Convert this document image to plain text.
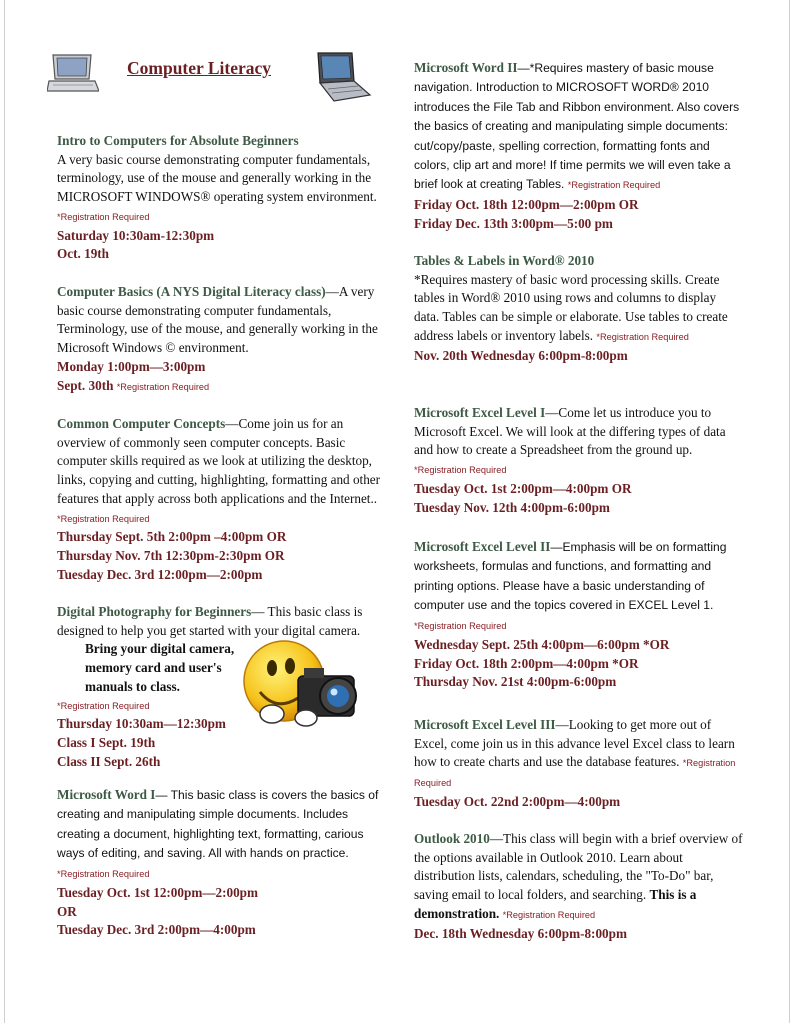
Computer Literacy
Intro to Computers for Absolute Beginners
A very basic course demonstrating computer fundamentals, terminology, use of the mouse and generally working in the MICROSOFT WINDOWS® operating system environment. *Registration Required
Saturday 10:30am-12:30pm
Oct. 19th
Computer Basics (A NYS Digital Literacy class)—A very basic course demonstrating computer fundamentals, Terminology, use of the mouse, and generally working in the Microsoft Windows © environment.
Monday 1:00pm—3:00pm
Sept. 30th *Registration Required
Common Computer Concepts—Come join us for an overview of commonly seen computer concepts. Basic computer skills required as we look at utilizing the desktop, links, copying and cutting, highlighting, formatting and other features that apply across both applications and the Internet.. *Registration Required
Thursday Sept. 5th 2:00pm –4:00pm OR
Thursday Nov. 7th 12:30pm-2:30pm OR
Tuesday Dec. 3rd 12:00pm—2:00pm
Digital Photography for Beginners— This basic class is designed to help you get started with your digital camera.
Bring your digital camera, memory card and user's manuals to class.
*Registration Required
Thursday 10:30am—12:30pm
Class I Sept. 19th
Class II Sept. 26th
Microsoft Word I— This basic class is covers the basics of creating and manipulating simple documents. Includes creating a document, highlighting text, formatting, carious ways of editing, and saving. All with hands on practice. *Registration Required
Tuesday Oct. 1st 12:00pm—2:00pm
OR
Tuesday Dec. 3rd 2:00pm—4:00pm
Microsoft Word II—*Requires mastery of basic mouse navigation. Introduction to MICROSOFT WORD® 2010 introduces the File Tab and Ribbon environment. Also covers the basics of creating and manipulating simple documents: cut/copy/paste, spelling correction, formatting fonts and colors, clip art and more! If time permits we will even take a brief look at creating Tables. *Registration Required
Friday Oct. 18th 12:00pm—2:00pm OR
Friday Dec. 13th 3:00pm—5:00 pm
Tables & Labels in Word® 2010
*Requires mastery of basic word processing skills. Create tables in Word® 2010 using rows and columns to display data. Tables can be simple or elaborate. Use tables to create address labels or inventory labels. *Registration Required
Nov. 20th Wednesday 6:00pm-8:00pm
Microsoft Excel Level I—Come let us introduce you to Microsoft Excel. We will look at the differing types of data and how to create a Spreadsheet from the ground up. *Registration Required
Tuesday Oct. 1st 2:00pm—4:00pm OR
Tuesday Nov. 12th 4:00pm-6:00pm
Microsoft Excel Level II—Emphasis will be on formatting worksheets, formulas and functions, and formatting and printing options. Please have a basic understanding of computer use and the topics covered in EXCEL Level 1. *Registration Required
Wednesday Sept. 25th 4:00pm—6:00pm *OR
Friday Oct. 18th 2:00pm—4:00pm *OR
Thursday Nov. 21st 4:00pm-6:00pm
Microsoft Excel Level III—Looking to get more out of Excel, come join us in this advance level Excel class to learn how to create charts and use the database features. *Registration Required
Tuesday Oct. 22nd 2:00pm—4:00pm
Outlook 2010—This class will begin with a brief overview of the options available in Outlook 2010. Learn about distribution lists, calendars, scheduling, the "To-Do" bar, saving email to local folders, and searching. This is a demonstration. *Registration Required
Dec. 18th Wednesday 6:00pm-8:00pm
